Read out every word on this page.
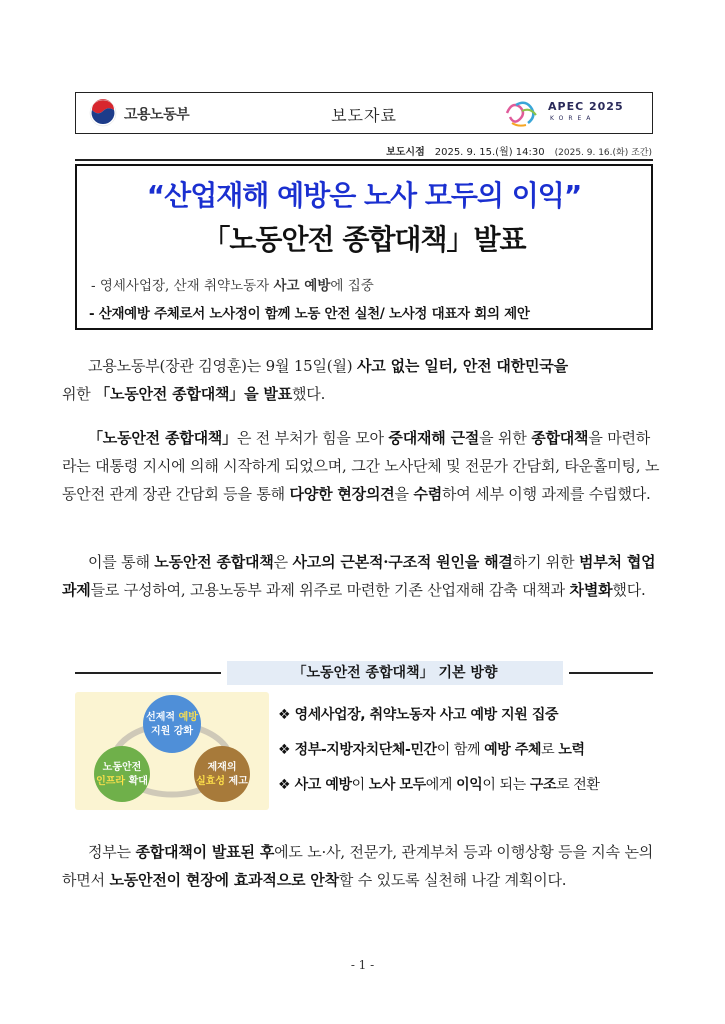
고용노동부	보도자료	APEC 2025
KOREA
보도시점 2025. 9. 15.(월) 14:30 (2025. 9. 16.(화) 조간)
“산업재해 예방은 노사 모두의 이익”
「노동안전 종합대책」발표
- 영세사업장, 산재 취약노동자 사고 예방에 집중
- 산재예방 주체로서 노사정이 함께 노동 안전 실천/ 노사정 대표자 회의 제안
고용노동부(장관 김영훈)는 9월 15일(월) 사고 없는 일터, 안전 대한민국을
위한 「노동안전 종합대책」을 발표했다.
「노동안전 종합대책」은 전 부처가 힘을 모아 중대재해 근절을 위한 종합대책을 마련하라는 대통령 지시에 의해 시작하게 되었으며, 그간 노사단체 및 전문가 간담회, 타운홀미팅, 노동안전 관계 장관 간담회 등을 통해 다양한 현장의견을 수렴하여 세부 이행 과제를 수립했다.
이를 통해 노동안전 종합대책은 사고의 근본적·구조적 원인을 해결하기 위한 범부처 협업과제들로 구성하여, 고용노동부 과제 위주로 마련한 기존 산업재해 감축 대책과 차별화했다.
「노동안전 종합대책」 기본 방향
선제적 예방
지원 강화
노동안전
인프라 확대
제재의
실효성 제고
❖ 영세사업장, 취약노동자 사고 예방 지원 집중
❖ 정부-지방자치단체-민간이 함께 예방 주체로 노력
❖ 사고 예방이 노사 모두에게 이익이 되는 구조로 전환
정부는 종합대책이 발표된 후에도 노·사, 전문가, 관계부처 등과 이행상황 등을 지속 논의하면서 노동안전이 현장에 효과적으로 안착할 수 있도록 실천해 나갈 계획이다.
- 1 -
